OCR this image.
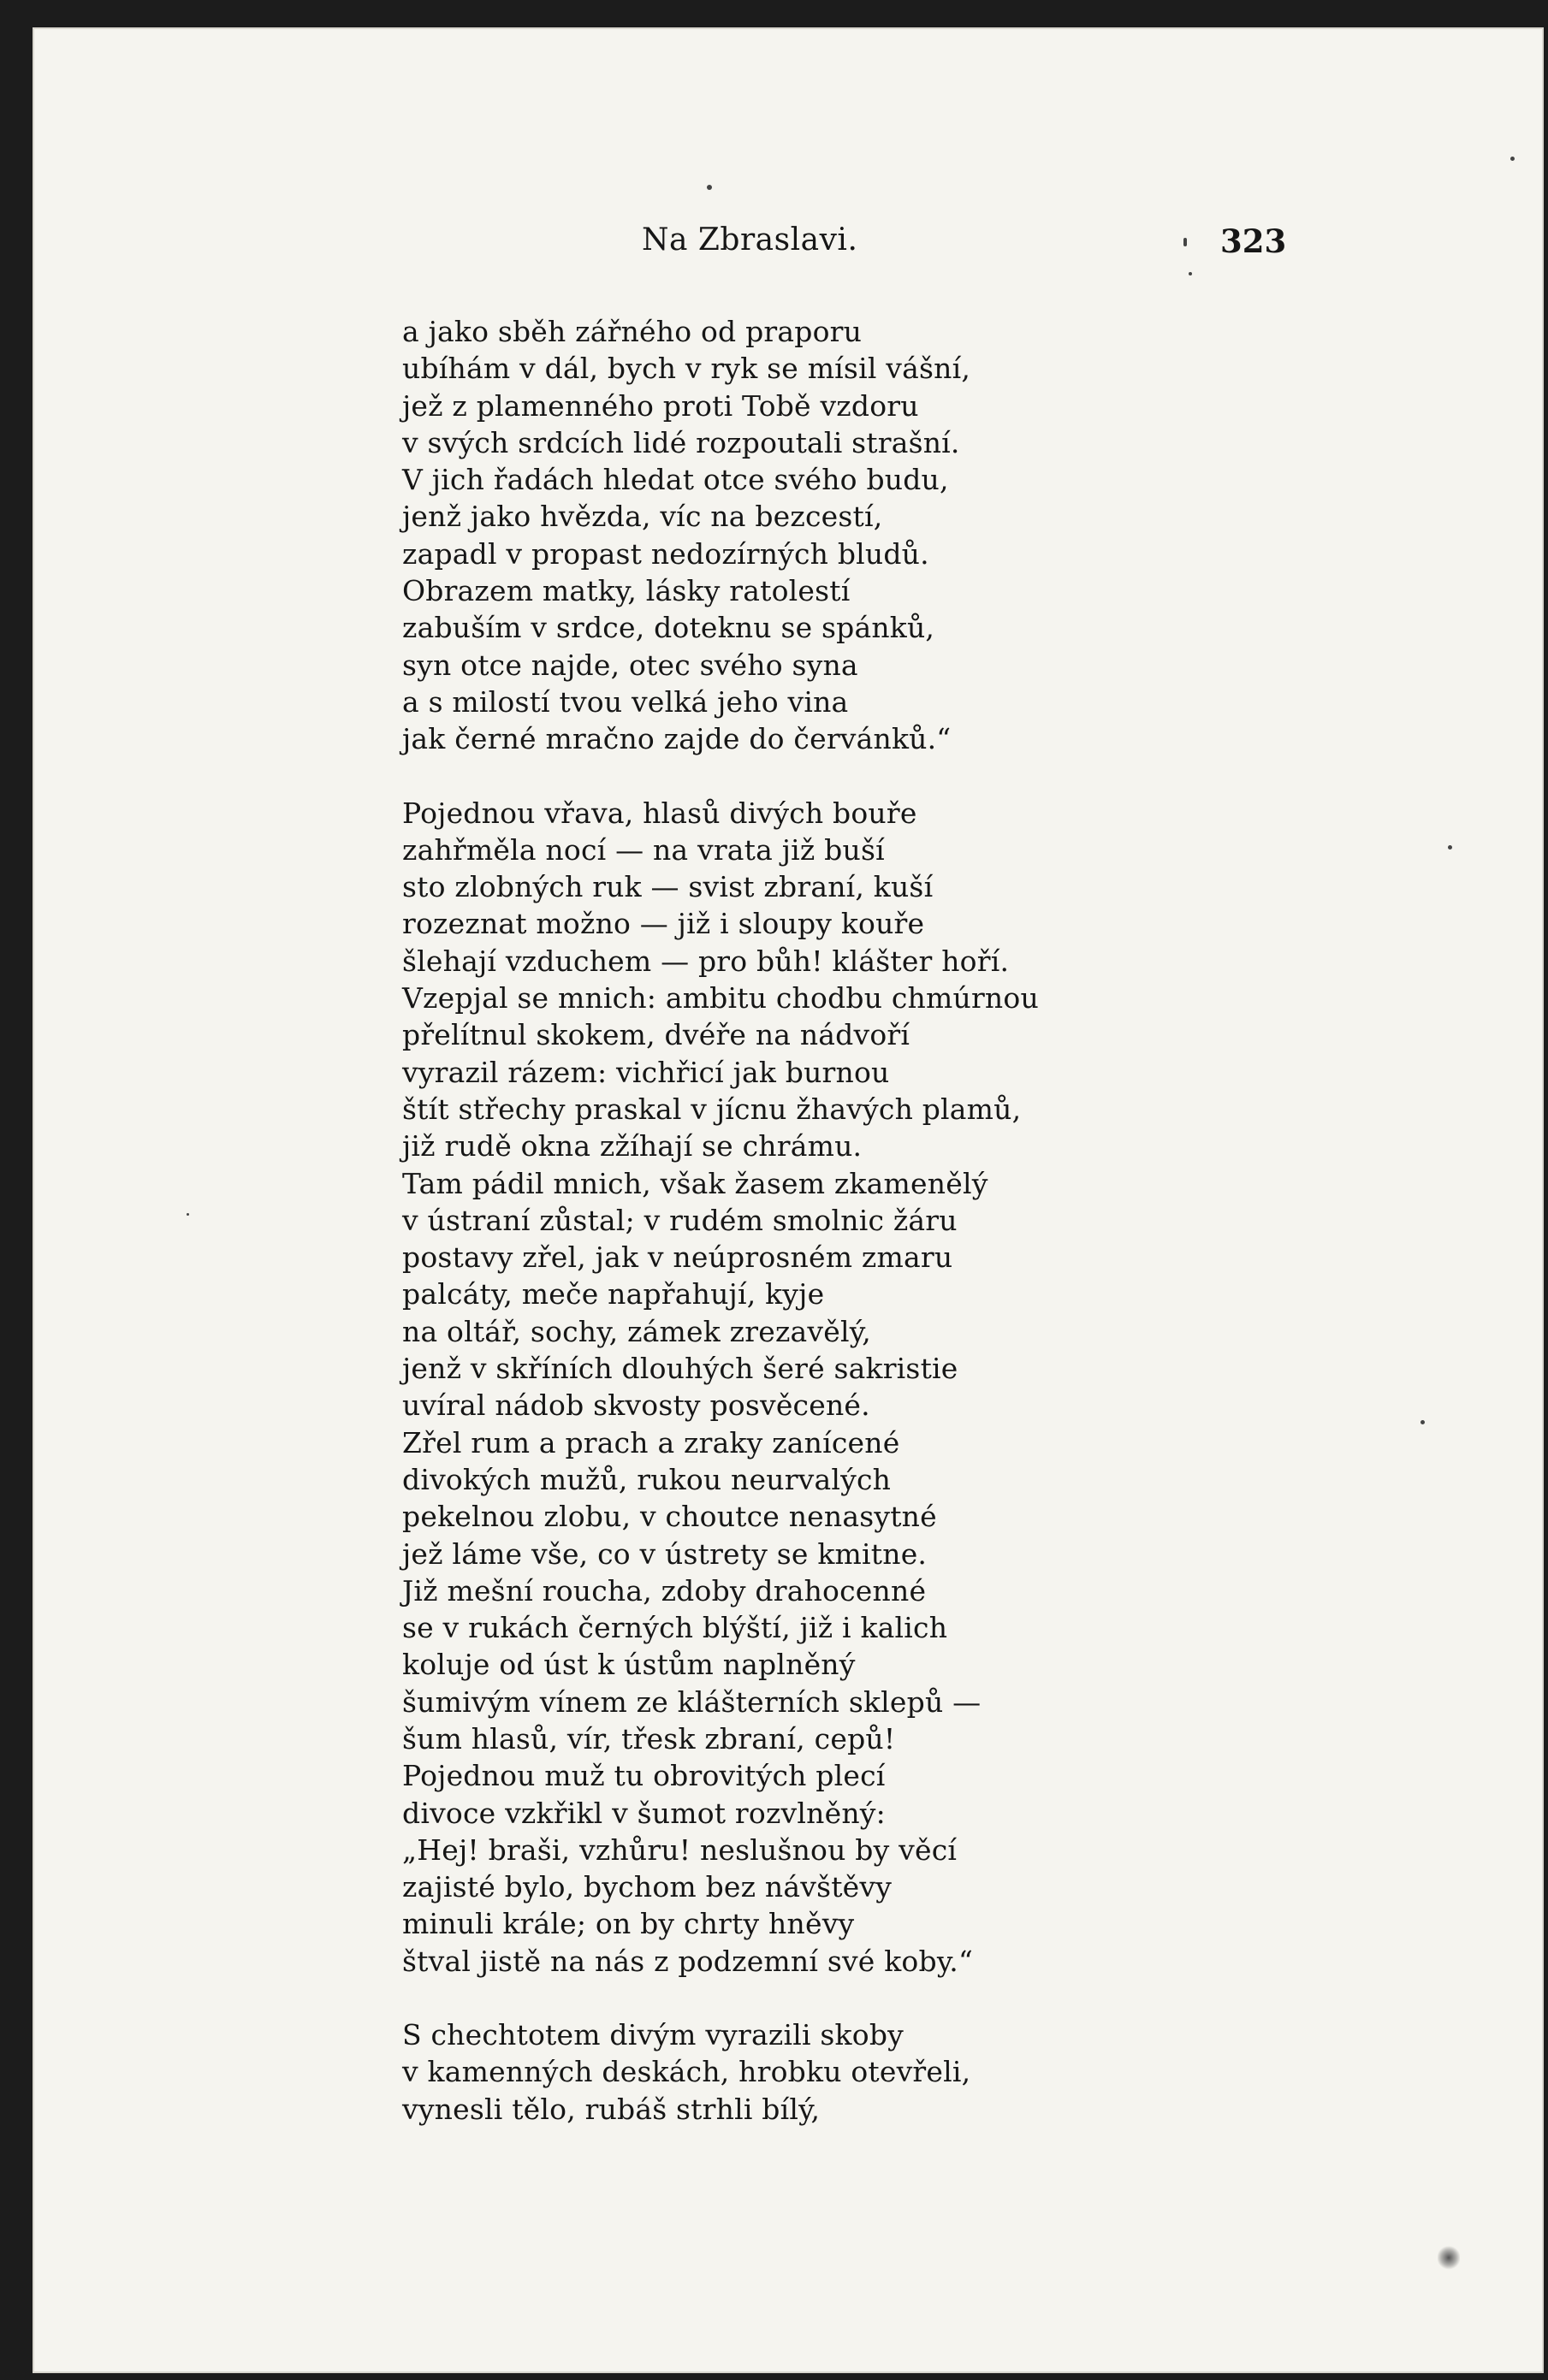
Na Zbraslavi.	323
a jako sběh zářného od praporu
ubíhám v dál, bych v ryk se mísil vášní,
jež z plamenného proti Tobě vzdoru
v svých srdcích lidé rozpoutali strašní.
V jich řadách hledat otce svého budu,
jenž jako hvězda, víc na bezcestí,
zapadl v propast nedozírných bludů.
Obrazem matky, lásky ratolestí
zabuším v srdce, doteknu se spánků,
syn otce najde, otec svého syna
a s milostí tvou velká jeho vina
jak černé mračno zajde do červánků.“
Pojednou vřava, hlasů divých bouře
zahřměla nocí — na vrata již buší
sto zlobných ruk — svist zbraní, kuší
rozeznat možno — již i sloupy kouře
šlehají vzduchem — pro bůh! klášter hoří.
Vzepjal se mnich: ambitu chodbu chmúrnou
přelítnul skokem, dvéře na nádvoří
vyrazil rázem: vichřicí jak burnou
štít střechy praskal v jícnu žhavých plamů,
již rudě okna zžíhají se chrámu.
Tam pádil mnich, však žasem zkamenělý
v ústraní zůstal; v rudém smolnic žáru
postavy zřel, jak v neúprosném zmaru
palcáty, meče napřahují, kyje
na oltář, sochy, zámek zrezavělý,
jenž v skříních dlouhých šeré sakristie
uvíral nádob skvosty posvěcené.
Zřel rum a prach a zraky zanícené
divokých mužů, rukou neurvalých
pekelnou zlobu, v choutce nenasytné
jež láme vše, co v ústrety se kmitne.
Již mešní roucha, zdoby drahocenné
se v rukách černých blýští, již i kalich
koluje od úst k ústům naplněný
šumivým vínem ze klášterních sklepů —
šum hlasů, vír, třesk zbraní, cepů!
Pojednou muž tu obrovitých plecí
divoce vzkřikl v šumot rozvlněný:
„Hej! braši, vzhůru! neslušnou by věcí
zajisté bylo, bychom bez návštěvy
minuli krále; on by chrty hněvy
štval jistě na nás z podzemní své koby.“
S chechtotem divým vyrazili skoby
v kamenných deskách, hrobku otevřeli,
vynesli tělo, rubáš strhli bílý,
